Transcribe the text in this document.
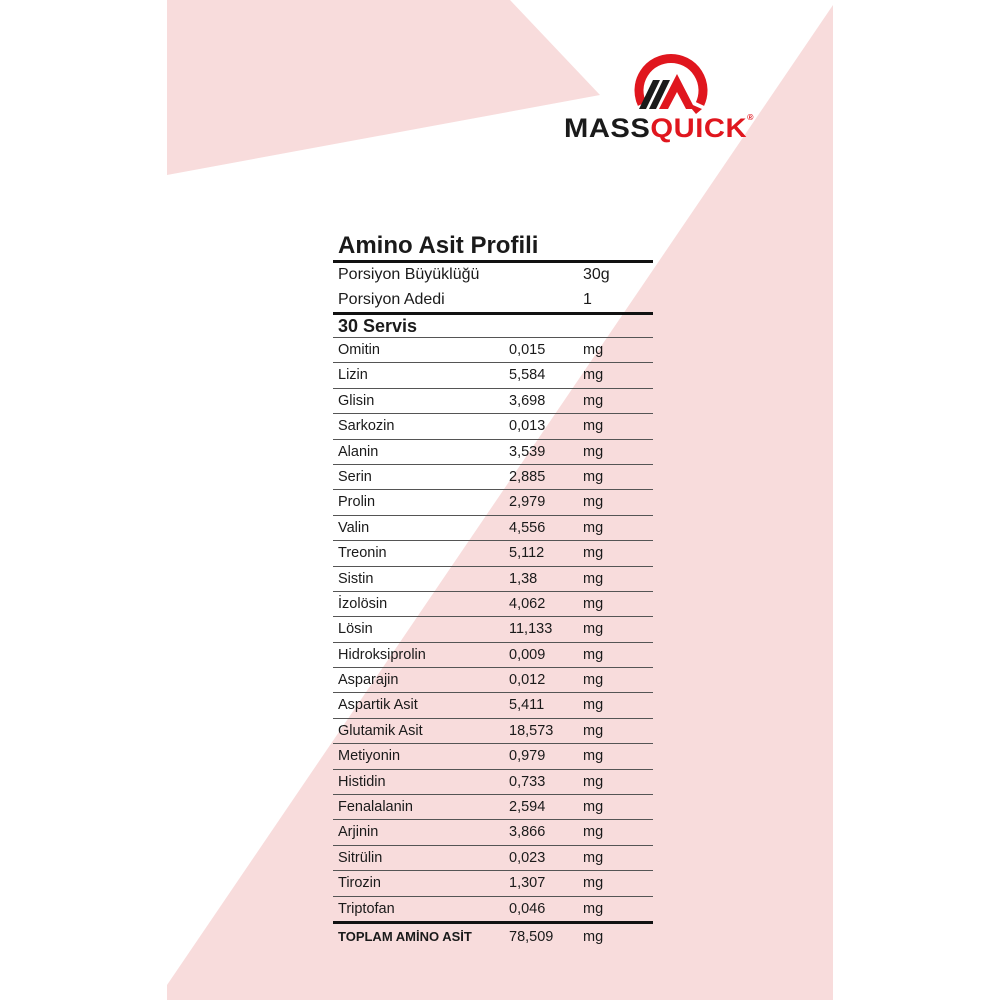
MASSQUICK®
Amino Asit Profili
Porsiyon Büyüklüğü	30g
Porsiyon Adedi	1
30 Servis
Omitin	0,015	mg
Lizin	5,584	mg
Glisin	3,698	mg
Sarkozin	0,013	mg
Alanin	3,539	mg
Serin	2,885	mg
Prolin	2,979	mg
Valin	4,556	mg
Treonin	5,112	mg
Sistin	1,38	mg
İzolösin	4,062	mg
Lösin	11,133 mg
Hidroksiprolin	0,009	mg
Asparajin	0,012	mg
Aspartik Asit	5,411	mg
Glutamik Asit	18,573 mg
Metiyonin	0,979	mg
Histidin	0,733	mg
Fenalalanin	2,594	mg
Arjinin	3,866	mg
Sitrülin	0,023	mg
Tirozin	1,307	mg
Triptofan	0,046	mg
TOPLAM AMİNO ASİT	78,509 mg
